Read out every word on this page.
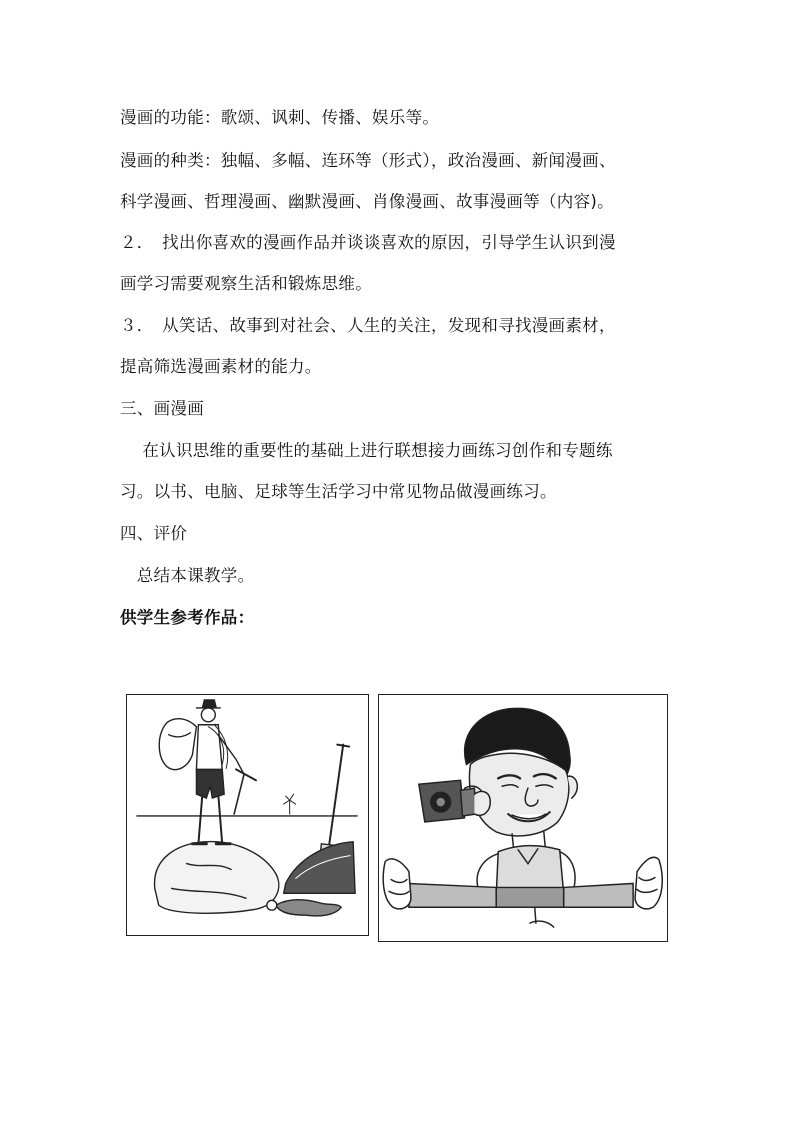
漫画的功能：歌颂、讽刺、传播、娱乐等。
漫画的种类：独幅、多幅、连环等（形式），政治漫画、新闻漫画、
科学漫画、哲理漫画、幽默漫画、肖像漫画、故事漫画等（内容)。
２．　找出你喜欢的漫画作品并谈谈喜欢的原因，引导学生认识到漫
画学习需要观察生活和锻炼思维。
３．　从笑话、故事到对社会、人生的关注，发现和寻找漫画素材，
提高筛选漫画素材的能力。
三、画漫画
　 在认识思维的重要性的基础上进行联想接力画练习创作和专题练
习。以书、电脑、足球等生活学习中常见物品做漫画练习。
四、评价
　总结本课教学。
供学生参考作品：
